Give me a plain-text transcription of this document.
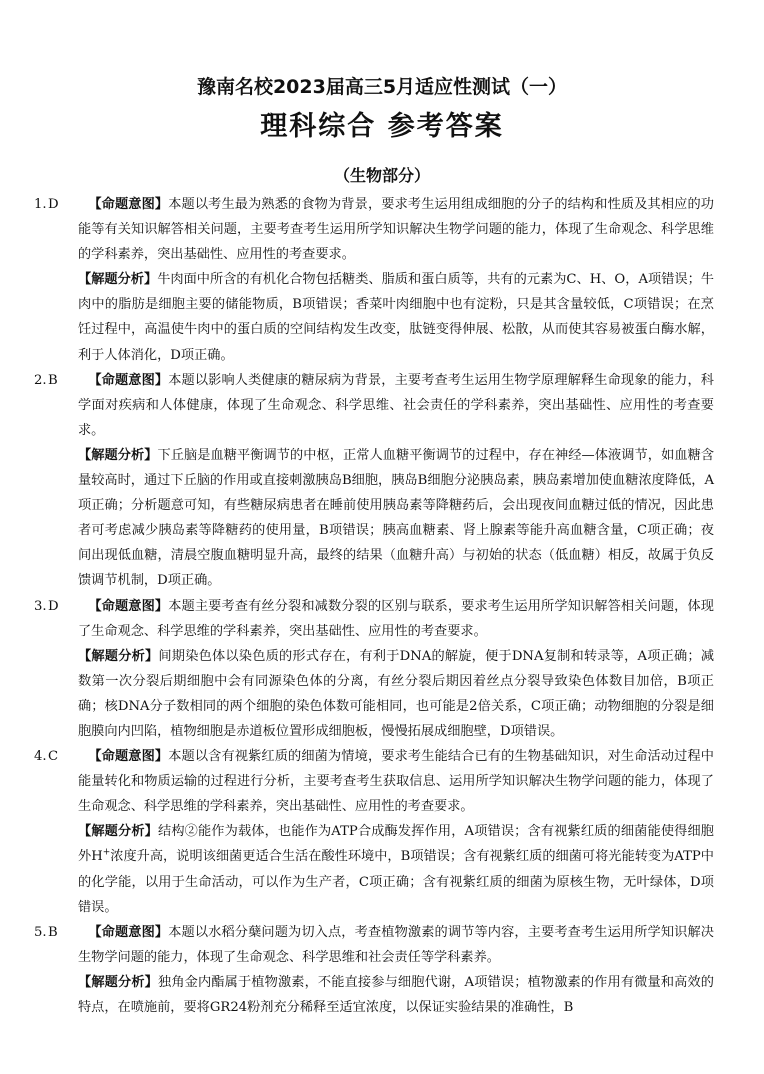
豫南名校2023届高三5月适应性测试（一）
理科综合 参考答案
（生物部分）

1.D 【命题意图】本题以考生最为熟悉的食物为背景，要求考生运用组成细胞的分子的结构和性质及其相应的功能等有关知识解答相关问题，主要考查考生运用所学知识解决生物学问题的能力，体现了生命观念、科学思维的学科素养，突出基础性、应用性的考查要求。

【解题分析】牛肉面中所含的有机化合物包括糖类、脂质和蛋白质等，共有的元素为C、H、O，A项错误；牛肉中的脂肪是细胞主要的储能物质，B项错误；香菜叶肉细胞中也有淀粉，只是其含量较低，C项错误；在烹饪过程中，高温使牛肉中的蛋白质的空间结构发生改变，肽链变得伸展、松散，从而使其容易被蛋白酶水解，利于人体消化，D项正确。

2.B 【命题意图】本题以影响人类健康的糖尿病为背景，主要考查考生运用生物学原理解释生命现象的能力，科学面对疾病和人体健康，体现了生命观念、科学思维、社会责任的学科素养，突出基础性、应用性的考查要求。

【解题分析】下丘脑是血糖平衡调节的中枢，正常人血糖平衡调节的过程中，存在神经—体液调节，如血糖含量较高时，通过下丘脑的作用或直接刺激胰岛B细胞，胰岛B细胞分泌胰岛素，胰岛素增加使血糖浓度降低，A项正确；分析题意可知，有些糖尿病患者在睡前使用胰岛素等降糖药后，会出现夜间血糖过低的情况，因此患者可考虑减少胰岛素等降糖药的使用量，B项错误；胰高血糖素、肾上腺素等能升高血糖含量，C项正确；夜间出现低血糖，清晨空腹血糖明显升高，最终的结果（血糖升高）与初始的状态（低血糖）相反，故属于负反馈调节机制，D项正确。

3.D 【命题意图】本题主要考查有丝分裂和减数分裂的区别与联系，要求考生运用所学知识解答相关问题，体现了生命观念、科学思维的学科素养，突出基础性、应用性的考查要求。

【解题分析】间期染色体以染色质的形式存在，有利于DNA的解旋，便于DNA复制和转录等，A项正确；减数第一次分裂后期细胞中会有同源染色体的分离，有丝分裂后期因着丝点分裂导致染色体数目加倍，B项正确；核DNA分子数相同的两个细胞的染色体数可能相同，也可能是2倍关系，C项正确；动物细胞的分裂是细胞膜向内凹陷，植物细胞是赤道板位置形成细胞板，慢慢拓展成细胞壁，D项错误。

4.C 【命题意图】本题以含有视紫红质的细菌为情境，要求考生能结合已有的生物基础知识，对生命活动过程中能量转化和物质运输的过程进行分析，主要考查考生获取信息、运用所学知识解决生物学问题的能力，体现了生命观念、科学思维的学科素养，突出基础性、应用性的考查要求。

【解题分析】结构②能作为载体，也能作为ATP合成酶发挥作用，A项错误；含有视紫红质的细菌能使得细胞外H+浓度升高，说明该细菌更适合生活在酸性环境中，B项错误；含有视紫红质的细菌可将光能转变为ATP中的化学能，以用于生命活动，可以作为生产者，C项正确；含有视紫红质的细菌为原核生物，无叶绿体，D项错误。

5.B 【命题意图】本题以水稻分蘖问题为切入点，考查植物激素的调节等内容，主要考查考生运用所学知识解决生物学问题的能力，体现了生命观念、科学思维和社会责任等学科素养。

【解题分析】独角金内酯属于植物激素，不能直接参与细胞代谢，A项错误；植物激素的作用有微量和高效的特点，在喷施前，要将GR24粉剂充分稀释至适宜浓度，以保证实验结果的准确性，B
